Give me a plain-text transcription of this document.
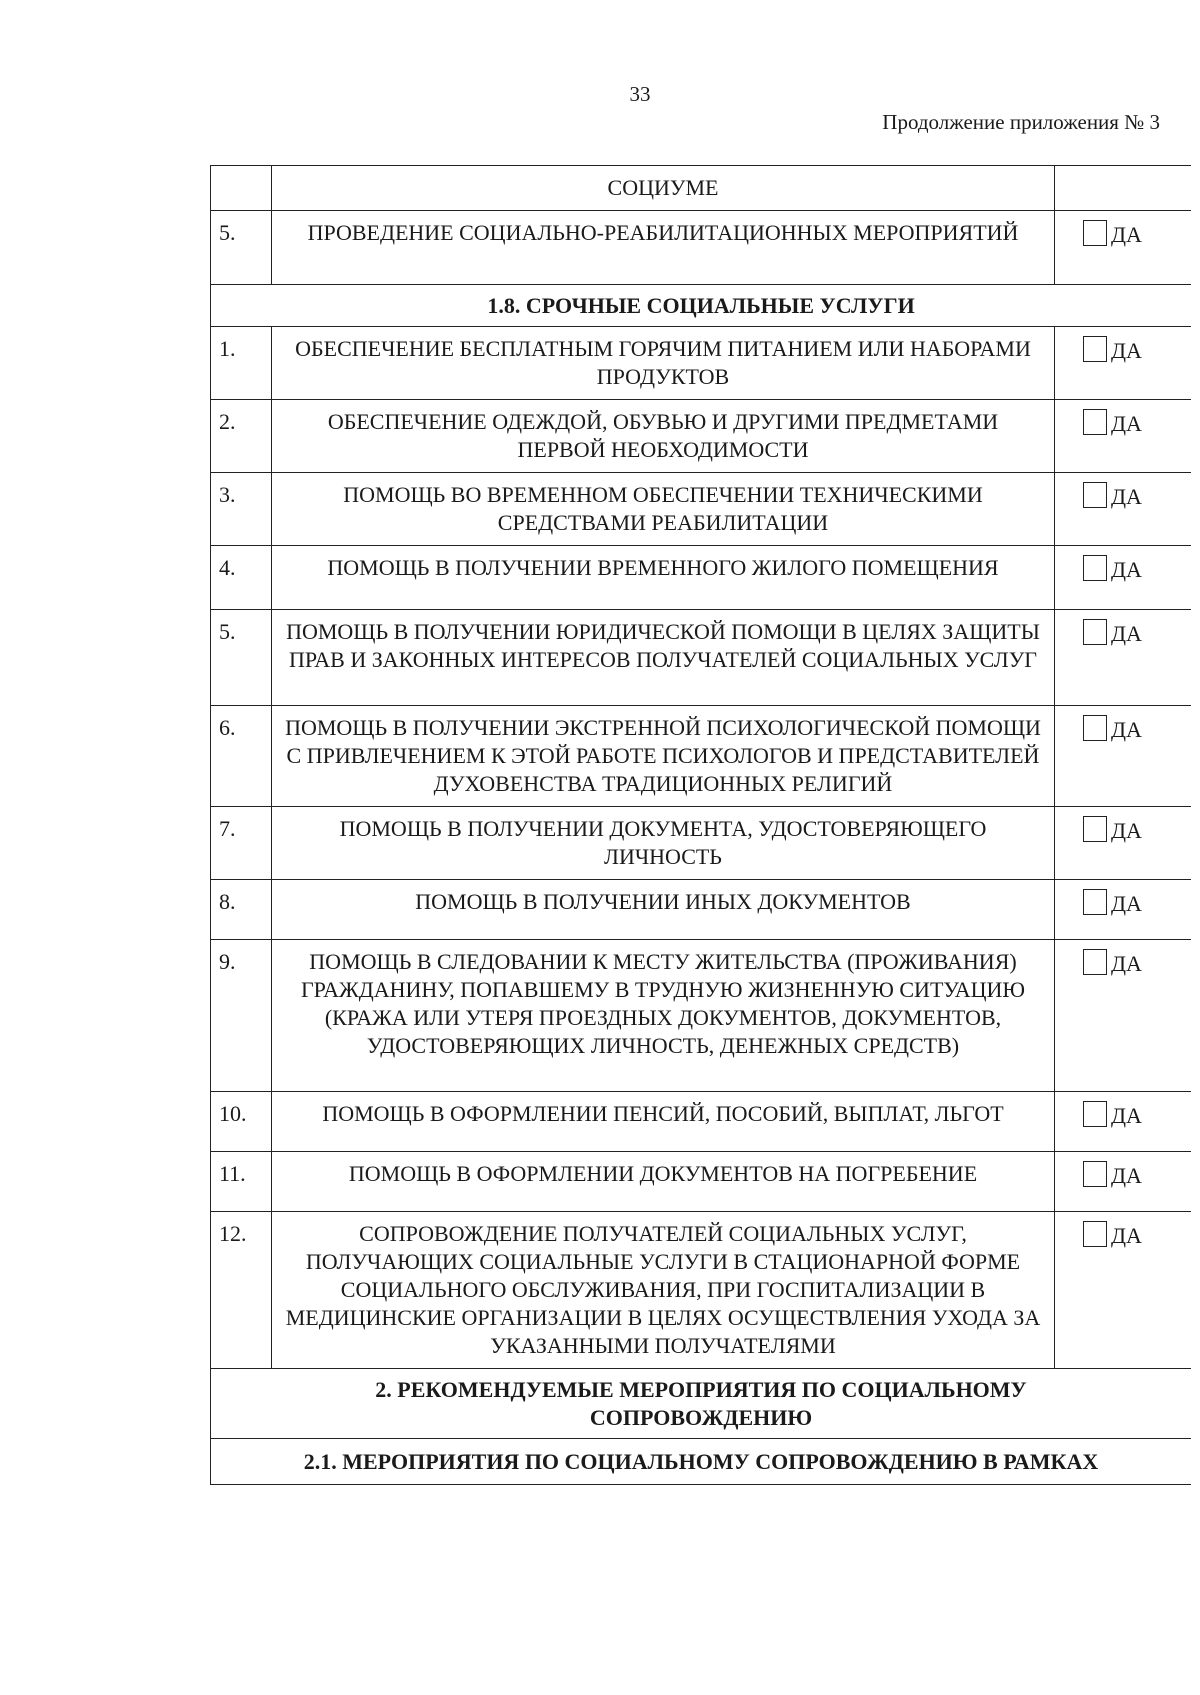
33
Продолжение приложения № 3
	СОЦИУМЕ	
5.	ПРОВЕДЕНИЕ СОЦИАЛЬНО-РЕАБИЛИТАЦИОННЫХ МЕРОПРИЯТИЙ	ДА
1.8. СРОЧНЫЕ СОЦИАЛЬНЫЕ УСЛУГИ		
1.	ОБЕСПЕЧЕНИЕ БЕСПЛАТНЫМ ГОРЯЧИМ ПИТАНИЕМ ИЛИ НАБОРАМИ ПРОДУКТОВ	ДА
2.	ОБЕСПЕЧЕНИЕ ОДЕЖДОЙ, ОБУВЬЮ И ДРУГИМИ ПРЕДМЕТАМИ ПЕРВОЙ НЕОБХОДИМОСТИ	ДА
3.	ПОМОЩЬ ВО ВРЕМЕННОМ ОБЕСПЕЧЕНИИ ТЕХНИЧЕСКИМИ СРЕДСТВАМИ РЕАБИЛИТАЦИИ	ДА
4.	ПОМОЩЬ В ПОЛУЧЕНИИ ВРЕМЕННОГО ЖИЛОГО ПОМЕЩЕНИЯ	ДА
5.	ПОМОЩЬ В ПОЛУЧЕНИИ ЮРИДИЧЕСКОЙ ПОМОЩИ В ЦЕЛЯХ ЗАЩИТЫ ПРАВ И ЗАКОННЫХ ИНТЕРЕСОВ ПОЛУЧАТЕЛЕЙ СОЦИАЛЬНЫХ УСЛУГ	ДА
6.	ПОМОЩЬ В ПОЛУЧЕНИИ ЭКСТРЕННОЙ ПСИХОЛОГИЧЕСКОЙ ПОМОЩИ С ПРИВЛЕЧЕНИЕМ К ЭТОЙ РАБОТЕ ПСИХОЛОГОВ И ПРЕДСТАВИТЕЛЕЙ ДУХОВЕНСТВА ТРАДИЦИОННЫХ РЕЛИГИЙ	ДА
7.	ПОМОЩЬ В ПОЛУЧЕНИИ ДОКУМЕНТА, УДОСТОВЕРЯЮЩЕГО ЛИЧНОСТЬ	ДА
8.	ПОМОЩЬ В ПОЛУЧЕНИИ ИНЫХ ДОКУМЕНТОВ	ДА
9.	ПОМОЩЬ В СЛЕДОВАНИИ К МЕСТУ ЖИТЕЛЬСТВА (ПРОЖИВАНИЯ) ГРАЖДАНИНУ, ПОПАВШЕМУ В ТРУДНУЮ ЖИЗНЕННУЮ СИТУАЦИЮ (КРАЖА ИЛИ УТЕРЯ ПРОЕЗДНЫХ ДОКУМЕНТОВ, ДОКУМЕНТОВ, УДОСТОВЕРЯЮЩИХ ЛИЧНОСТЬ, ДЕНЕЖНЫХ СРЕДСТВ)	ДА
10.	ПОМОЩЬ В ОФОРМЛЕНИИ ПЕНСИЙ, ПОСОБИЙ, ВЫПЛАТ, ЛЬГОТ	ДА
11.	ПОМОЩЬ В ОФОРМЛЕНИИ ДОКУМЕНТОВ НА ПОГРЕБЕНИЕ	ДА
12.	СОПРОВОЖДЕНИЕ ПОЛУЧАТЕЛЕЙ СОЦИАЛЬНЫХ УСЛУГ, ПОЛУЧАЮЩИХ СОЦИАЛЬНЫЕ УСЛУГИ В СТАЦИОНАРНОЙ ФОРМЕ СОЦИАЛЬНОГО ОБСЛУЖИВАНИЯ, ПРИ ГОСПИТАЛИЗАЦИИ В МЕДИЦИНСКИЕ ОРГАНИЗАЦИИ В ЦЕЛЯХ ОСУЩЕСТВЛЕНИЯ УХОДА ЗА УКАЗАННЫМИ ПОЛУЧАТЕЛЯМИ	ДА
2. РЕКОМЕНДУЕМЫЕ МЕРОПРИЯТИЯ ПО СОЦИАЛЬНОМУ СОПРОВОЖДЕНИЮ		
2.1. МЕРОПРИЯТИЯ ПО СОЦИАЛЬНОМУ СОПРОВОЖДЕНИЮ В РАМКАХ		
